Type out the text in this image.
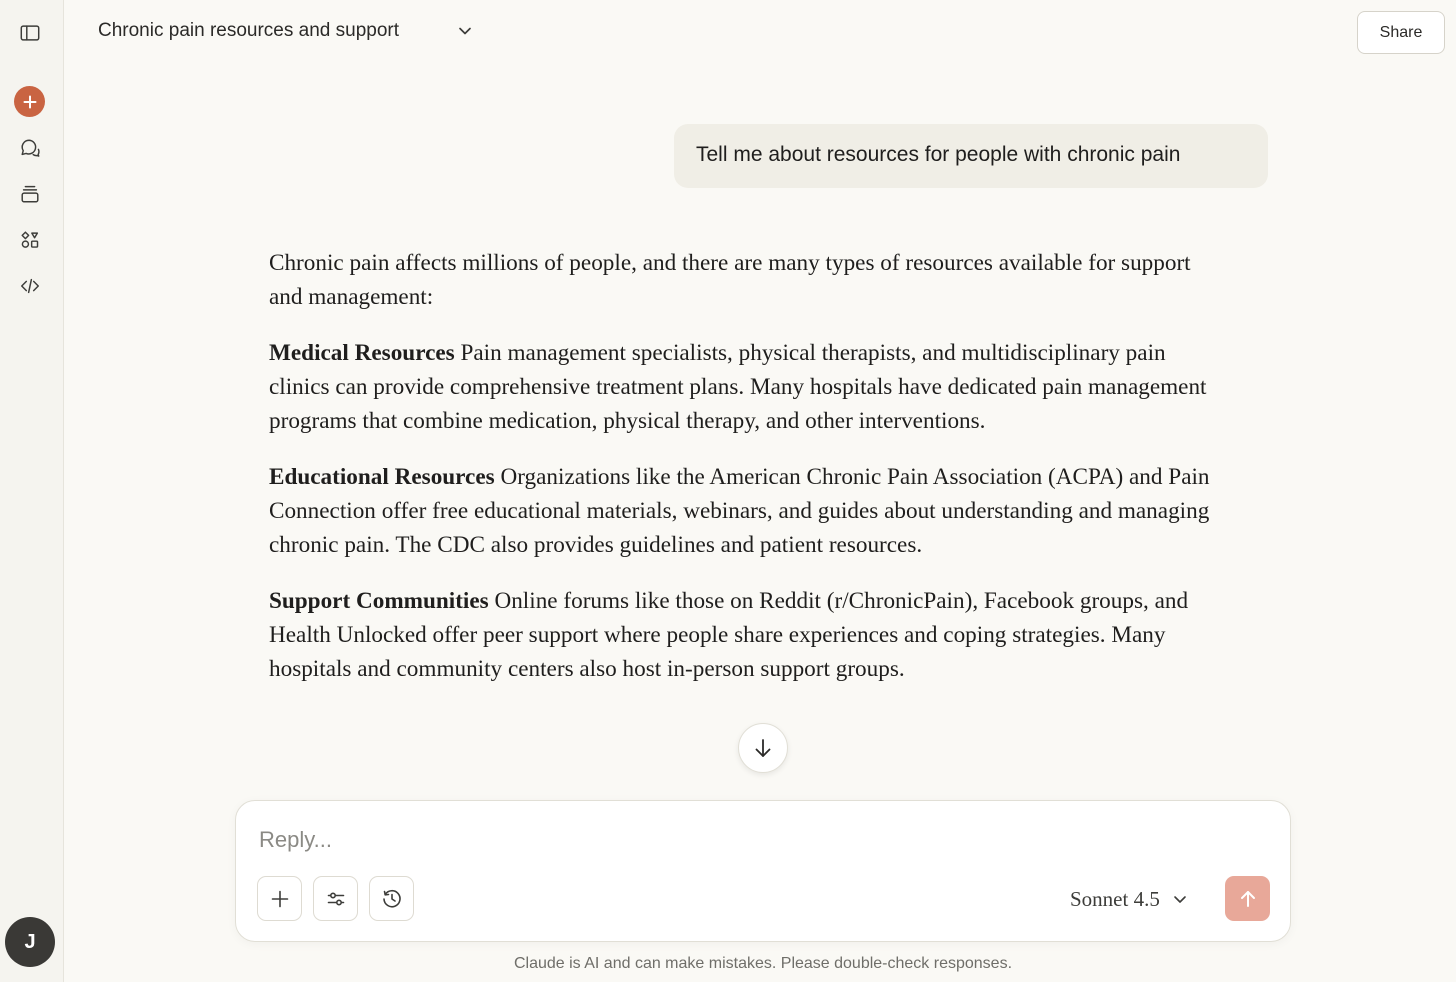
J
Chronic pain resources and support	Share
Tell me about resources for people with chronic pain

Chronic pain affects millions of people, and there are many types of resources available for support and management:

Medical Resources Pain management specialists, physical therapists, and multidisciplinary pain clinics can provide comprehensive treatment plans. Many hospitals have dedicated pain management programs that combine medication, physical therapy, and other interventions.

Educational Resources Organizations like the American Chronic Pain Association (ACPA) and Pain Connection offer free educational materials, webinars, and guides about understanding and managing chronic pain. The CDC also provides guidelines and patient resources.

Support Communities Online forums like those on Reddit (r/ChronicPain), Facebook groups, and Health Unlocked offer peer support where people share experiences and coping strategies. Many hospitals and community centers also host in-person support groups.

Reply...
Sonnet 4.5
Claude is AI and can make mistakes. Please double-check responses.
